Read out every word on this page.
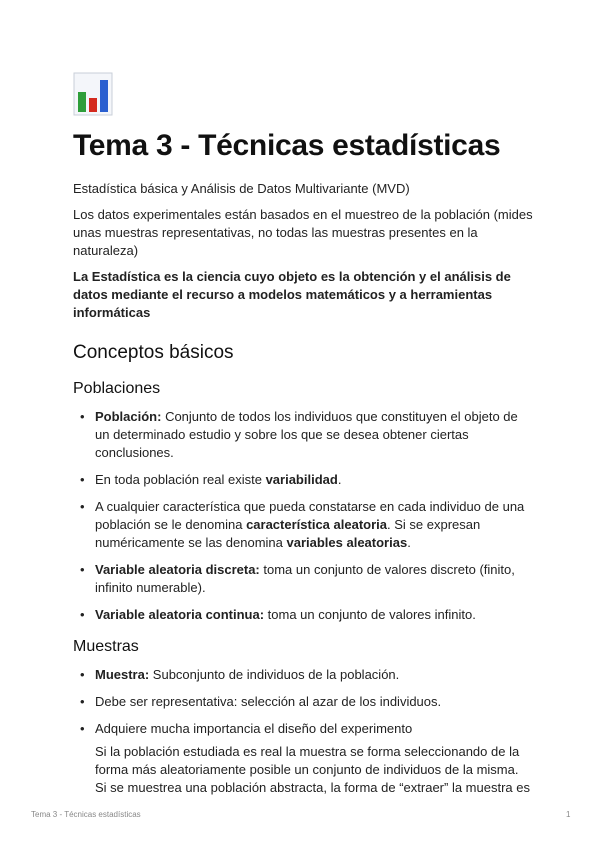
Tema 3 - Técnicas estadísticas
Estadística básica y Análisis de Datos Multivariante (MVD)

Los datos experimentales están basados en el muestreo de la población (mides unas muestras representativas, no todas las muestras presentes en la naturaleza)

La Estadística es la ciencia cuyo objeto es la obtención y el análisis de datos mediante el recurso a modelos matemáticos y a herramientas informáticas

Conceptos básicos
Poblaciones
• Población: Conjunto de todos los individuos que constituyen el objeto de un determinado estudio y sobre los que se desea obtener ciertas conclusiones.
• En toda población real existe variabilidad.
• A cualquier característica que pueda constatarse en cada individuo de una población se le denomina característica aleatoria. Si se expresan numéricamente se las denomina variables aleatorias.
• Variable aleatoria discreta: toma un conjunto de valores discreto (finito, infinito numerable).
• Variable aleatoria continua: toma un conjunto de valores infinito.
Muestras
• Muestra: Subconjunto de individuos de la población.
• Debe ser representativa: selección al azar de los individuos.
• Adquiere mucha importancia el diseño del experimento
Si la población estudiada es real la muestra se forma seleccionando de la forma más aleatoriamente posible un conjunto de individuos de la misma. Si se muestrea una población abstracta, la forma de “extraer” la muestra es
Tema 3 - Técnicas estadísticas	1
